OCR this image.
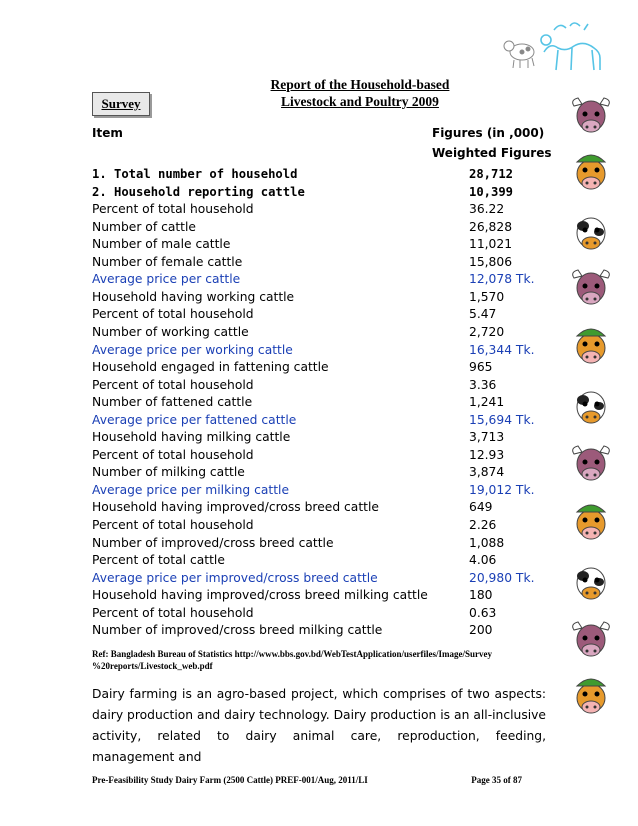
Survey
Report of the Household-based
Livestock and Poultry 2009
Item	Figures (in ,000)
Weighted Figures
1. Total number of household	28,712
2. Household reporting cattle	10,399
Percent of total household	36.22
Number of cattle	26,828
Number of male cattle	11,021
Number of female cattle	15,806
Average price per cattle	12,078 Tk.
Household having working cattle	1,570
Percent of total household	5.47
Number of working cattle	2,720
Average price per working cattle	16,344 Tk.
Household engaged in fattening cattle	965
Percent of total household	3.36
Number of fattened cattle	1,241
Average price per fattened cattle	15,694 Tk.
Household having milking cattle	3,713
Percent of total household	12.93
Number of milking cattle	3,874
Average price per milking cattle	19,012 Tk.
Household having improved/cross breed cattle	649
Percent of total household	2.26
Number of improved/cross breed cattle	1,088
Percent of total cattle	4.06
Average price per improved/cross breed cattle	20,980 Tk.
Household having improved/cross breed milking cattle	180
Percent of total household	0.63
Number of improved/cross breed milking cattle	200
Ref: Bangladesh Bureau of Statistics http://www.bbs.gov.bd/WebTestApplication/userfiles/Image/Survey %20reports/Livestock_web.pdf
Dairy farming is an agro-based project, which comprises of two aspects: dairy production and dairy technology. Dairy production is an all-inclusive activity, related to dairy animal care, reproduction, feeding, management and
Pre-Feasibility Study Dairy Farm (2500 Cattle) PREF-001/Aug, 2011/LI	Page 35 of 87
